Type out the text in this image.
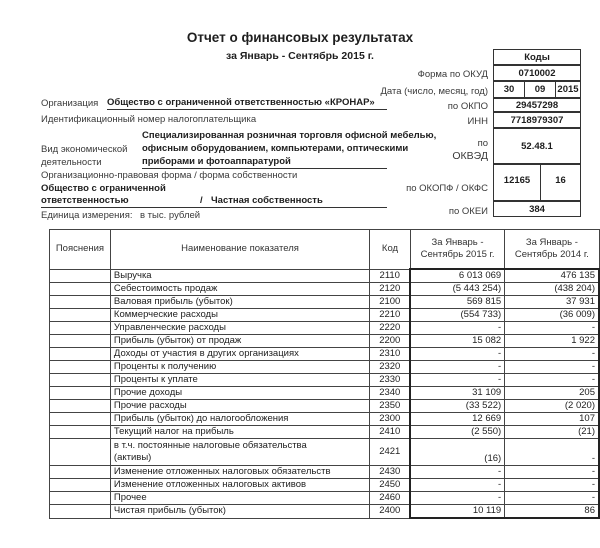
Отчет о финансовых результатах
за Январь - Сентябрь 2015 г.	Коды
Форма по ОКУД	0710002
Дата (число, месяц, год)	30	09	2015
по ОКПО	29457298
ИНН	7718979307
по
ОКВЭД
52.48.1
по ОКОПФ / ОКФС
12165	16
по ОКЕИ	384
Организация Общество с ограниченной ответственностью «КРОНАР»
Идентификационный номер налогоплательщика
Вид экономической
деятельности
Специализированная розничная торговля офисной мебелью,
офисным оборудованием, компьютерами, оптическими
приборами и фотоаппаратурой
Организационно-правовая форма / форма собственности
Общество с ограниченной
ответственностью	/ Частная собственность
Единица измерения: в тыс. рублей
Пояснения	Наименование показателя	Код	За Январь -
Сентябрь 2015 г.	За Январь -
Сентябрь 2014 г.
	Выручка	2110	6 013 069	476 135
	Себестоимость продаж	2120	(5 443 254)	(438 204)
	Валовая прибыль (убыток)	2100	569 815	37 931
	Коммерческие расходы	2210	(554 733)	(36 009)
	Управленческие расходы	2220	-	-
	Прибыль (убыток) от продаж	2200	15 082	1 922
	Доходы от участия в других организациях	2310	-	-
	Проценты к получению	2320	-	-
	Проценты к уплате	2330	-	-
	Прочие доходы	2340	31 109	205
	Прочие расходы	2350	(33 522)	(2 020)
	Прибыль (убыток) до налогообложения	2300	12 669	107
	Текущий налог на прибыль	2410	(2 550)	(21)
	в т.ч. постоянные налоговые обязательства
(активы)	2421	(16)	-
	Изменение отложенных налоговых обязательств	2430	-	-
	Изменение отложенных налоговых активов	2450	-	-
	Прочее	2460	-	-
	Чистая прибыль (убыток)	2400	10 119	86
